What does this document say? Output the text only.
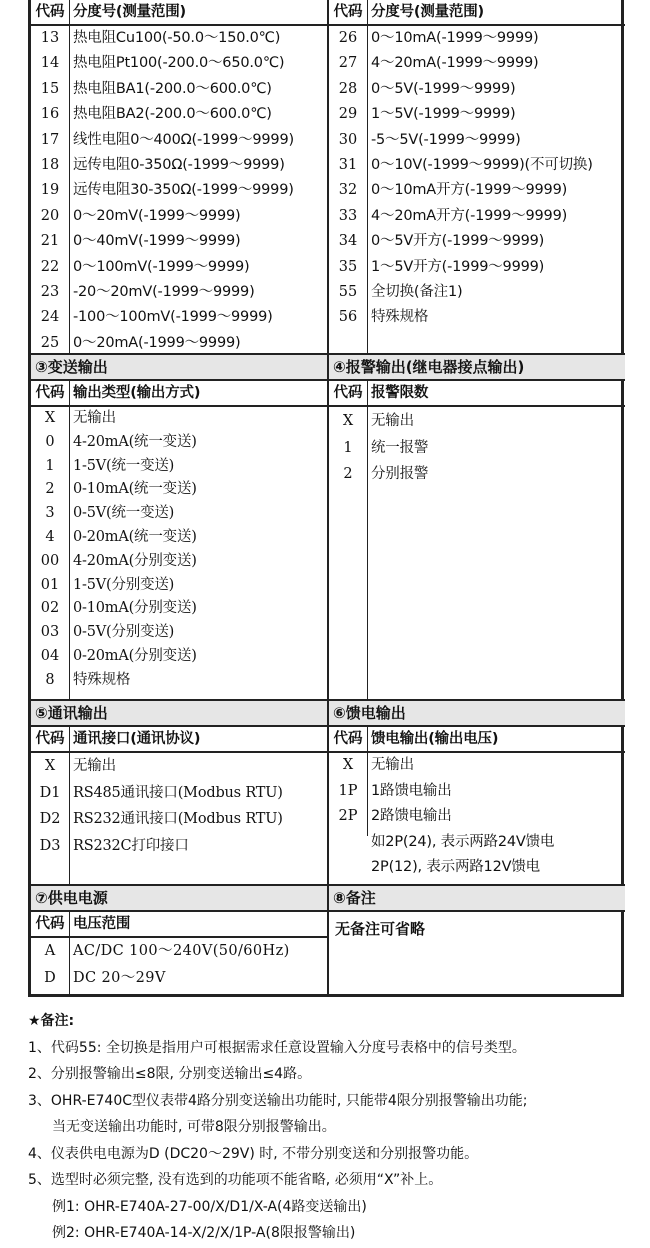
代码 分度号(测量范围)
13 热电阻Cu100(-50.0～150.0℃)
14 热电阻Pt100(-200.0～650.0℃)
15 热电阻BA1(-200.0～600.0℃)
16 热电阻BA2(-200.0～600.0℃)
17 线性电阻0～400Ω(-1999～9999)
18 远传电阻0-350Ω(-1999～9999)
19 远传电阻30-350Ω(-1999～9999)
20 0～20mV(-1999～9999)
21 0～40mV(-1999～9999)
22 0～100mV(-1999～9999)
23 -20～20mV(-1999～9999)
24 -100～100mV(-1999～9999)
25 0～20mA(-1999～9999)
③变送输出
代码 输出类型(输出方式)
X	无输出
0	4-20mA(统一变送)
1	1-5V(统一变送)
2	0-10mA(统一变送)
3	0-5V(统一变送)
4	0-20mA(统一变送)
00 4-20mA(分别变送)
01 1-5V(分别变送)
02 0-10mA(分别变送)
03 0-5V(分别变送)
04 0-20mA(分别变送)
8	特殊规格
⑤通讯输出
代码 通讯接口(通讯协议)
X	无输出
D1 RS485通讯接口(Modbus RTU)
D2 RS232通讯接口(Modbus RTU)
D3 RS232C打印接口
⑦供电电源
代码 电压范围
A	AC/DC 100～240V(50/60Hz)
D	DC 20～29V
代码 分度号(测量范围)
26 0～10mA(-1999～9999)
27 4～20mA(-1999～9999)
28 0～5V(-1999～9999)
29 1～5V(-1999～9999)
30 -5～5V(-1999～9999)
31 0～10V(-1999～9999)(不可切换)
32 0～10mA开方(-1999～9999)
33 4～20mA开方(-1999～9999)
34 0～5V开方(-1999～9999)
35 1～5V开方(-1999～9999)
55 全切换(备注1)
56 特殊规格
④报警输出(继电器接点输出)
代码 报警限数
X	无输出
1	统一报警
2	分别报警
⑥馈电输出
代码 馈电输出(输出电压)
X	无输出
1P 1路馈电输出
2P 2路馈电输出
如2P(24), 表示两路24V馈电
2P(12), 表示两路12V馈电
⑧备注
无备注可省略
★备注:
1、代码55: 全切换是指用户可根据需求任意设置输入分度号表格中的信号类型。
2、分别报警输出≤8限, 分别变送输出≤4路。
3、OHR-E740C型仪表带4路分别变送输出功能时, 只能带4限分别报警输出功能;
当无变送输出功能时, 可带8限分别报警输出。
4、仪表供电电源为D (DC20～29V) 时, 不带分别变送和分别报警功能。
5、选型时必须完整, 没有选到的功能项不能省略, 必须用“X”补上。
例1: OHR-E740A-27-00/X/D1/X-A(4路变送输出)
例2: OHR-E740A-14-X/2/X/1P-A(8限报警输出)
